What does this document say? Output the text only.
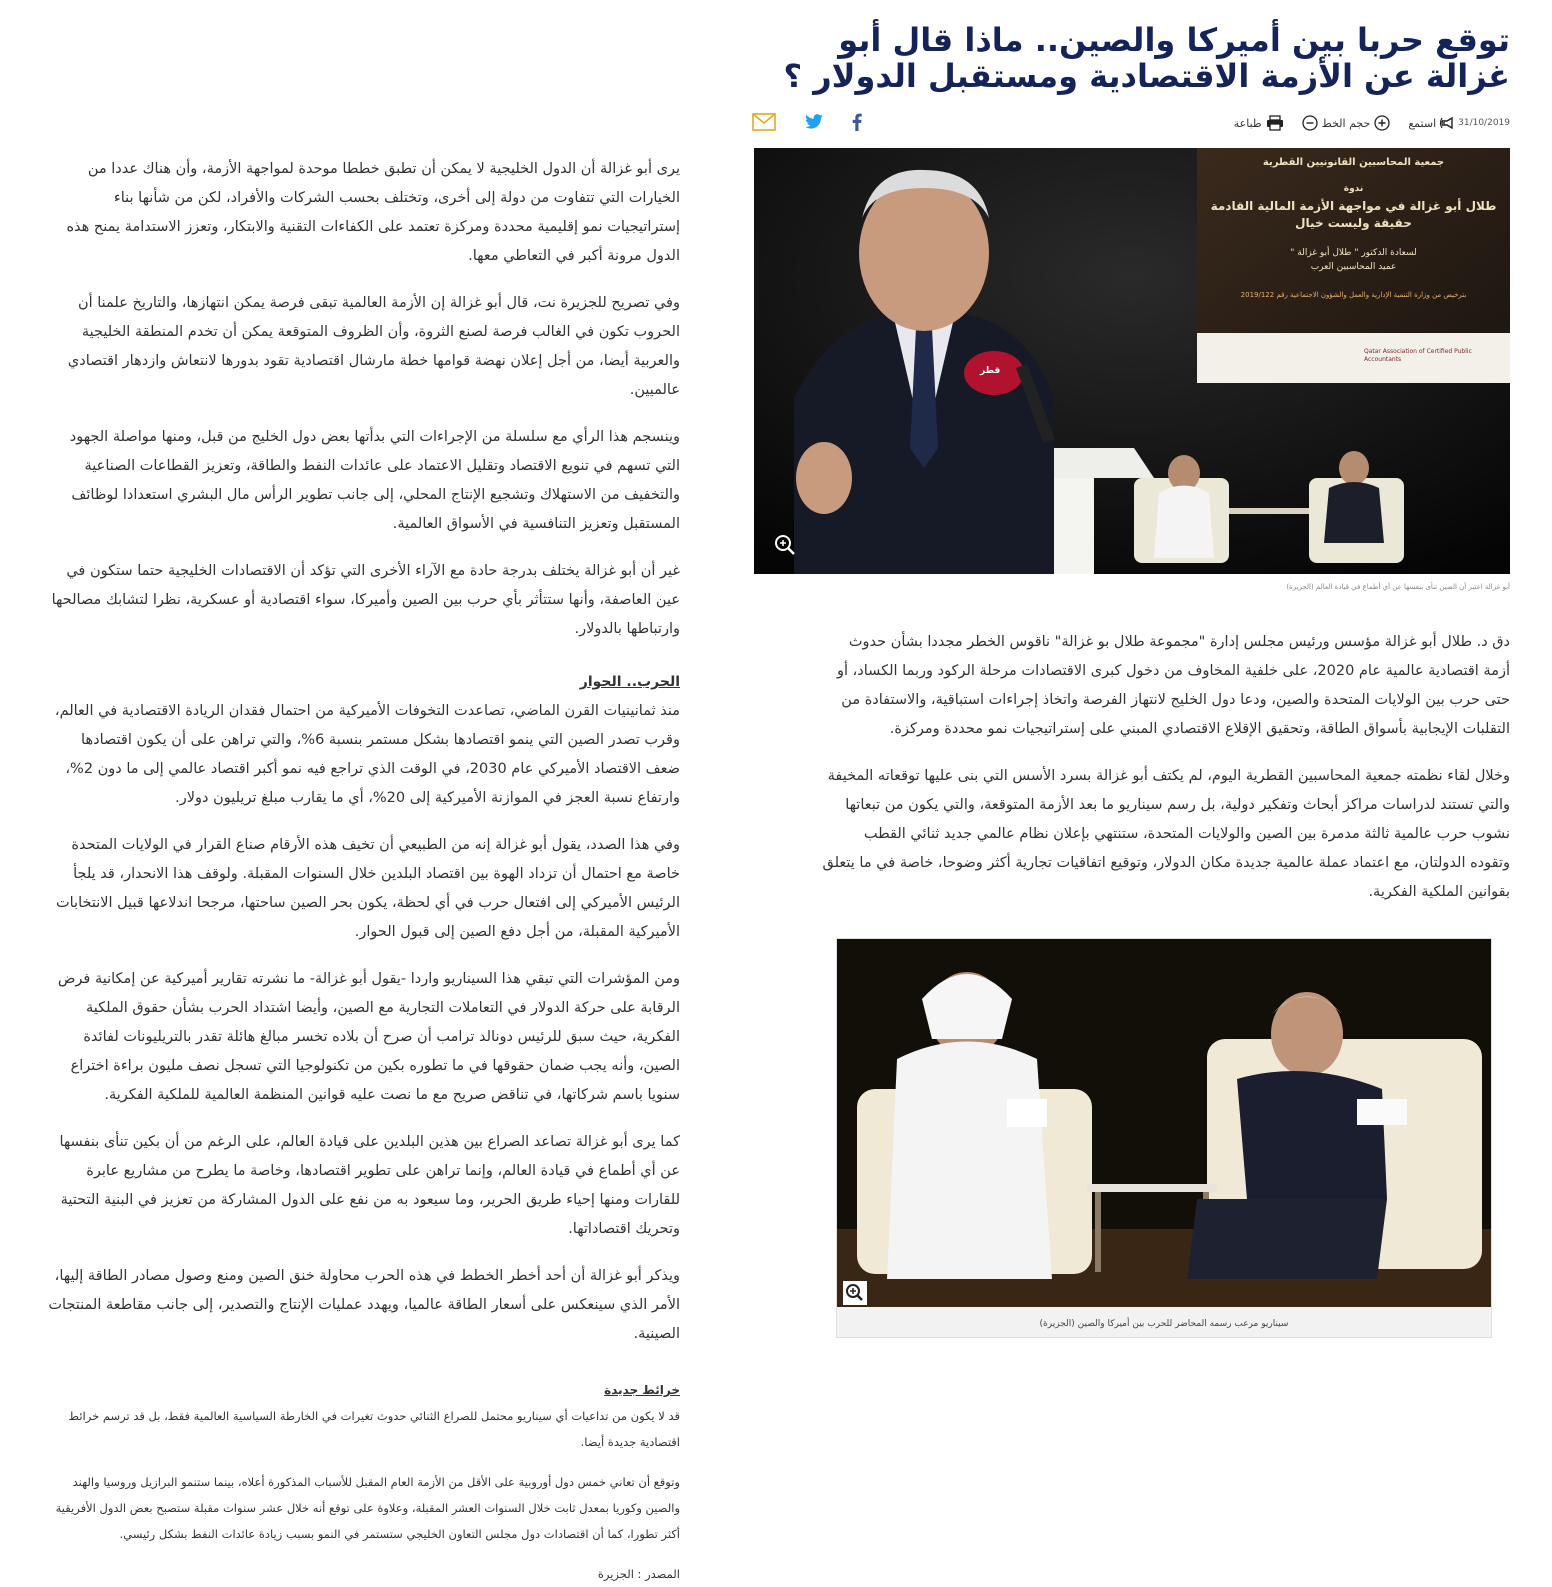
توقع حربا بين أميركا والصين.. ماذا قال أبو غزالة عن الأزمة الاقتصادية ومستقبل الدولار ؟
استمع
حجم الخط
طباعة	31/10/2019
جمعية المحاسبين القانونيين القطرية
ندوة
طلال أبو غزالة في مواجهة الأزمة المالية القادمة حقيقة وليست خيال
لسعادة الدكتور " طلال أبو غزالة "
عميد المحاسبين العرب
بترخيص من وزارة التنمية الإدارية والعمل والشؤون الاجتماعية رقم 2019/122
Qatar Association of Certified Public Accountants
قطر
أبو غزالة اعتبر أن الصين تنأى بنفسها عن أي أطماع في قيادة العالم (الجزيرة)

دق د. طلال أبو غزالة مؤسس ورئيس مجلس إدارة "مجموعة طلال بو غزالة" ناقوس الخطر مجددا بشأن حدوث أزمة اقتصادية عالمية عام 2020، على خلفية المخاوف من دخول كبرى الاقتصادات مرحلة الركود وربما الكساد، أو حتى حرب بين الولايات المتحدة والصين، ودعا دول الخليج لانتهاز الفرصة واتخاذ إجراءات استباقية، والاستفادة من التقلبات الإيجابية بأسواق الطاقة، وتحقيق الإقلاع الاقتصادي المبني على إستراتيجيات نمو محددة ومركزة.

وخلال لقاء نظمته جمعية المحاسبين القطرية اليوم، لم يكتف أبو غزالة بسرد الأسس التي بنى عليها توقعاته المخيفة والتي تستند لدراسات مراكز أبحاث وتفكير دولية، بل رسم سيناريو ما بعد الأزمة المتوقعة، والتي يكون من تبعاتها نشوب حرب عالمية ثالثة مدمرة بين الصين والولايات المتحدة، ستنتهي بإعلان نظام عالمي جديد ثنائي القطب وتقوده الدولتان، مع اعتماد عملة عالمية جديدة مكان الدولار، وتوقيع اتفاقيات تجارية أكثر وضوحا، خاصة في ما يتعلق بقوانين الملكية الفكرية.

سيناريو مرعب رسمه المحاضر للحرب بين أميركا والصين (الجزيرة)

يرى أبو غزالة أن الدول الخليجية لا يمكن أن تطبق خططا موحدة لمواجهة الأزمة، وأن هناك عددا من الخيارات التي تتفاوت من دولة إلى أخرى، وتختلف بحسب الشركات والأفراد، لكن من شأنها بناء إستراتيجيات نمو إقليمية محددة ومركزة تعتمد على الكفاءات التقنية والابتكار، وتعزز الاستدامة يمنح هذه الدول مرونة أكبر في التعاطي معها.

وفي تصريح للجزيرة نت، قال أبو غزالة إن الأزمة العالمية تبقى فرصة يمكن انتهازها، والتاريخ علمنا أن الحروب تكون في الغالب فرصة لصنع الثروة، وأن الظروف المتوقعة يمكن أن تخدم المنطقة الخليجية والعربية أيضا، من أجل إعلان نهضة قوامها خطة مارشال اقتصادية تقود بدورها لانتعاش وازدهار اقتصادي عالميين.

وينسجم هذا الرأي مع سلسلة من الإجراءات التي بدأتها بعض دول الخليج من قبل، ومنها مواصلة الجهود التي تسهم في تنويع الاقتصاد وتقليل الاعتماد على عائدات النفط والطاقة، وتعزيز القطاعات الصناعية والتخفيف من الاستهلاك وتشجيع الإنتاج المحلي، إلى جانب تطوير الرأس مال البشري استعدادا لوظائف المستقبل وتعزيز التنافسية في الأسواق العالمية.

غير أن أبو غزالة يختلف بدرجة حادة مع الآراء الأخرى التي تؤكد أن الاقتصادات الخليجية حتما ستكون في عين العاصفة، وأنها ستتأثر بأي حرب بين الصين وأميركا، سواء اقتصادية أو عسكرية، نظرا لتشابك مصالحها وارتباطها بالدولار.

الحرب.. الحوار

منذ ثمانينيات القرن الماضي، تصاعدت التخوفات الأميركية من احتمال فقدان الريادة الاقتصادية في العالم، وقرب تصدر الصين التي ينمو اقتصادها بشكل مستمر بنسبة 6%، والتي تراهن على أن يكون اقتصادها ضعف الاقتصاد الأميركي عام 2030، في الوقت الذي تراجع فيه نمو أكبر اقتصاد عالمي إلى ما دون 2%، وارتفاع نسبة العجز في الموازنة الأميركية إلى 20%، أي ما يقارب مبلغ تريليون دولار.

وفي هذا الصدد، يقول أبو غزالة إنه من الطبيعي أن تخيف هذه الأرقام صناع القرار في الولايات المتحدة خاصة مع احتمال أن تزداد الهوة بين اقتصاد البلدين خلال السنوات المقبلة. ولوقف هذا الانحدار، قد يلجأ الرئيس الأميركي إلى افتعال حرب في أي لحظة، يكون بحر الصين ساحتها، مرجحا اندلاعها قبيل الانتخابات الأميركية المقبلة، من أجل دفع الصين إلى قبول الحوار.

ومن المؤشرات التي تبقي هذا السيناريو واردا -يقول أبو غزالة- ما نشرته تقارير أميركية عن إمكانية فرض الرقابة على حركة الدولار في التعاملات التجارية مع الصين، وأيضا اشتداد الحرب بشأن حقوق الملكية الفكرية، حيث سبق للرئيس دونالد ترامب أن صرح أن بلاده تخسر مبالغ هائلة تقدر بالتريليونات لفائدة الصين، وأنه يجب ضمان حقوقها في ما تطوره بكين من تكنولوجيا التي تسجل نصف مليون براءة اختراع سنويا باسم شركاتها، في تناقض صريح مع ما نصت عليه قوانين المنظمة العالمية للملكية الفكرية.

كما يرى أبو غزالة تصاعد الصراع بين هذين البلدين على قيادة العالم، على الرغم من أن بكين تنأى بنفسها عن أي أطماع في قيادة العالم، وإنما تراهن على تطوير اقتصادها، وخاصة ما يطرح من مشاريع عابرة للقارات ومنها إحياء طريق الحرير، وما سيعود به من نفع على الدول المشاركة من تعزيز في البنية التحتية وتحريك اقتصاداتها.

ويذكر أبو غزالة أن أحد أخطر الخطط في هذه الحرب محاولة خنق الصين ومنع وصول مصادر الطاقة إليها، الأمر الذي سينعكس على أسعار الطاقة عالميا، ويهدد عمليات الإنتاج والتصدير، إلى جانب مقاطعة المنتجات الصينية.

خرائط جديدة

قد لا يكون من تداعيات أي سيناريو محتمل للصراع الثنائي حدوث تغيرات في الخارطة السياسية العالمية فقط، بل قد ترسم خرائط اقتصادية جديدة أيضا.

وتوقع أن تعاني خمس دول أوروبية على الأقل من الأزمة العام المقبل للأسباب المذكورة أعلاه، بينما ستنمو البرازيل وروسيا والهند والصين وكوريا بمعدل ثابت خلال السنوات العشر المقبلة، وعلاوة على توقع أنه خلال عشر سنوات مقبلة ستصبح بعض الدول الأفريقية أكثر تطورا، كما أن اقتصادات دول مجلس التعاون الخليجي ستستمر في النمو بسبب زيادة عائدات النفط بشكل رئيسي.

المصدر : الجزيرة
